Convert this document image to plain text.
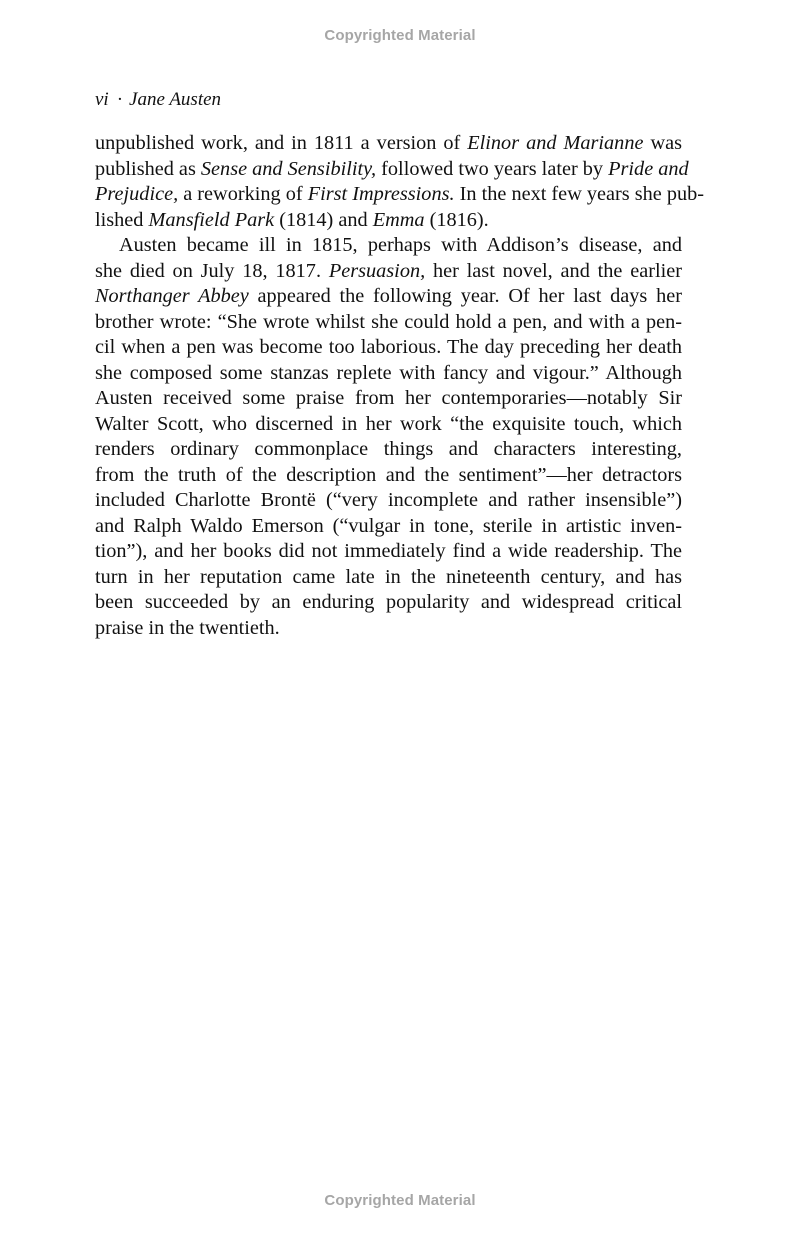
Copyrighted Material
vi · Jane Austen
unpublished work, and in 1811 a version of Elinor and Marianne was
published as Sense and Sensibility, followed two years later by Pride and
Prejudice, a reworking of First Impressions. In the next few years she pub-
lished Mansfield Park (1814) and Emma (1816).
Austen became ill in 1815, perhaps with Addison’s disease, and
she died on July 18, 1817. Persuasion, her last novel, and the earlier
Northanger Abbey appeared the following year. Of her last days her
brother wrote: “She wrote whilst she could hold a pen, and with a pen-
cil when a pen was become too laborious. The day preceding her death
she composed some stanzas replete with fancy and vigour.” Although
Austen received some praise from her contemporaries—notably Sir
Walter Scott, who discerned in her work “the exquisite touch, which
renders ordinary commonplace things and characters interesting,
from the truth of the description and the sentiment”—her detractors
included Charlotte Brontë (“very incomplete and rather insensible”)
and Ralph Waldo Emerson (“vulgar in tone, sterile in artistic inven-
tion”), and her books did not immediately find a wide readership. The
turn in her reputation came late in the nineteenth century, and has
been succeeded by an enduring popularity and widespread critical
praise in the twentieth.
Copyrighted Material
